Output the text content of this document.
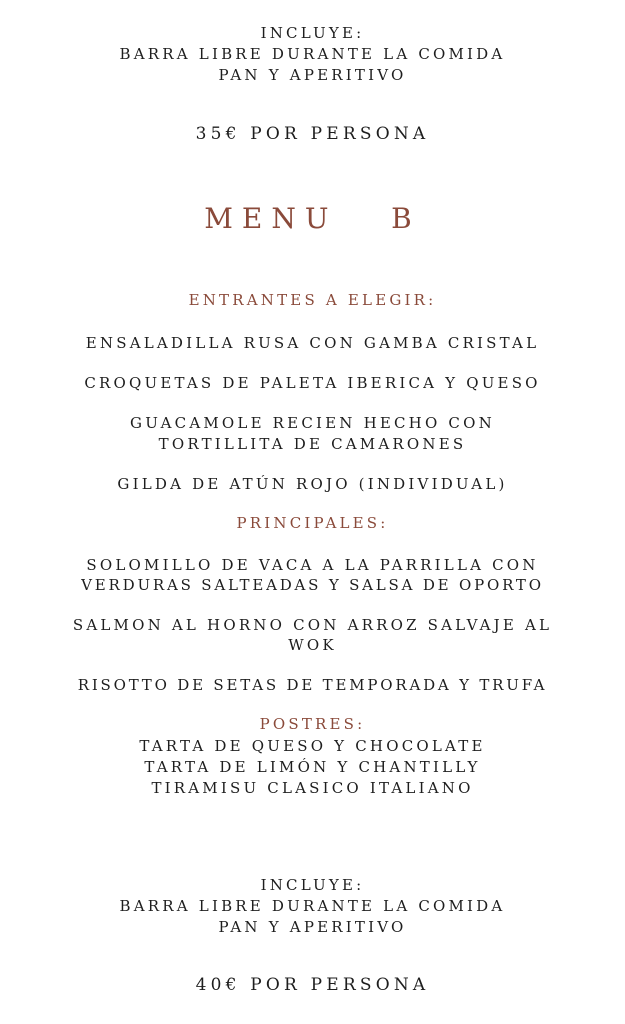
INCLUYE:
BARRA LIBRE DURANTE LA COMIDA
PAN Y APERITIVO
35€ POR PERSONA
MENU   B
ENTRANTES A ELEGIR:
ENSALADILLA RUSA CON GAMBA CRISTAL
CROQUETAS DE PALETA IBERICA Y QUESO
GUACAMOLE RECIEN HECHO CON
TORTILLITA DE CAMARONES
GILDA DE ATÚN ROJO (INDIVIDUAL)
PRINCIPALES:
SOLOMILLO DE VACA A LA PARRILLA CON
VERDURAS SALTEADAS Y SALSA DE OPORTO
SALMON AL HORNO CON ARROZ SALVAJE AL
WOK
RISOTTO DE SETAS DE TEMPORADA Y TRUFA
POSTRES:
TARTA DE QUESO Y CHOCOLATE
TARTA DE LIMÓN Y CHANTILLY
TIRAMISU CLASICO ITALIANO
INCLUYE:
BARRA LIBRE DURANTE LA COMIDA
PAN Y APERITIVO
40€ POR PERSONA
